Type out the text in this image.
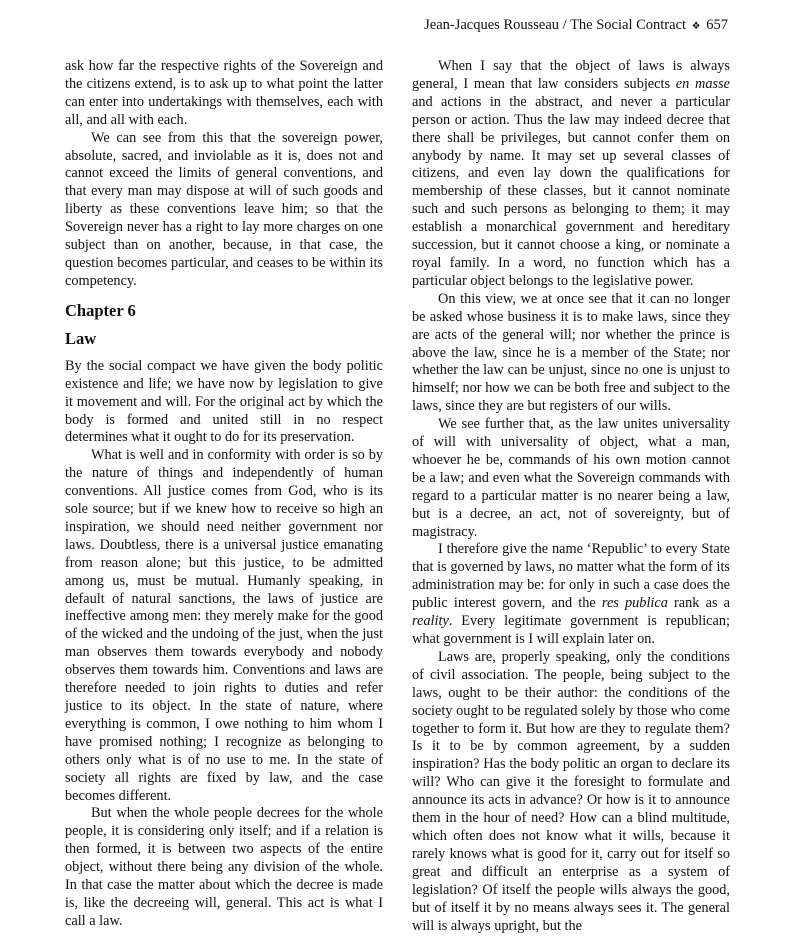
Jean-Jacques Rousseau / The Social Contract ❖ 657

ask how far the respective rights of the Sovereign and the citizens extend, is to ask up to what point the latter can enter into undertakings with themselves, each with all, and all with each.

We can see from this that the sovereign power, absolute, sacred, and inviolable as it is, does not and cannot exceed the limits of general conventions, and that every man may dispose at will of such goods and liberty as these conventions leave him; so that the Sovereign never has a right to lay more charges on one subject than on another, because, in that case, the question becomes particular, and ceases to be within its competency.

Chapter 6
Law

By the social compact we have given the body politic existence and life; we have now by legislation to give it movement and will. For the original act by which the body is formed and united still in no respect determines what it ought to do for its preservation.

What is well and in conformity with order is so by the nature of things and independently of human conventions. All justice comes from God, who is its sole source; but if we knew how to receive so high an inspiration, we should need neither government nor laws. Doubtless, there is a universal justice emanating from reason alone; but this justice, to be admitted among us, must be mutual. Humanly speaking, in default of natural sanctions, the laws of justice are ineffective among men: they merely make for the good of the wicked and the undoing of the just, when the just man observes them towards everybody and nobody observes them towards him. Conventions and laws are therefore needed to join rights to duties and refer justice to its object. In the state of nature, where everything is common, I owe nothing to him whom I have promised nothing; I recognize as belonging to others only what is of no use to me. In the state of society all rights are fixed by law, and the case becomes different.

But when the whole people decrees for the whole people, it is considering only itself; and if a relation is then formed, it is between two aspects of the entire object, without there being any division of the whole. In that case the matter about which the decree is made is, like the decreeing will, general. This act is what I call a law.

When I say that the object of laws is always general, I mean that law considers subjects en masse and actions in the abstract, and never a particular person or action. Thus the law may indeed decree that there shall be privileges, but cannot confer them on anybody by name. It may set up several classes of citizens, and even lay down the qualifications for membership of these classes, but it cannot nominate such and such persons as belonging to them; it may establish a monarchical government and hereditary succession, but it cannot choose a king, or nominate a royal family. In a word, no function which has a particular object belongs to the legislative power.

On this view, we at once see that it can no longer be asked whose business it is to make laws, since they are acts of the general will; nor whether the prince is above the law, since he is a member of the State; nor whether the law can be unjust, since no one is unjust to himself; nor how we can be both free and subject to the laws, since they are but registers of our wills.

We see further that, as the law unites universality of will with universality of object, what a man, whoever he be, commands of his own motion cannot be a law; and even what the Sovereign commands with regard to a particular matter is no nearer being a law, but is a decree, an act, not of sovereignty, but of magistracy.

I therefore give the name ‘Republic’ to every State that is governed by laws, no matter what the form of its administration may be: for only in such a case does the public interest govern, and the res publica rank as a reality. Every legitimate government is republican; what government is I will explain later on.

Laws are, properly speaking, only the conditions of civil association. The people, being subject to the laws, ought to be their author: the conditions of the society ought to be regulated solely by those who come together to form it. But how are they to regulate them? Is it to be by common agreement, by a sudden inspiration? Has the body politic an organ to declare its will? Who can give it the foresight to formulate and announce its acts in advance? Or how is it to announce them in the hour of need? How can a blind multitude, which often does not know what it wills, because it rarely knows what is good for it, carry out for itself so great and difficult an enterprise as a system of legislation? Of itself the people wills always the good, but of itself it by no means always sees it. The general will is always upright, but the
